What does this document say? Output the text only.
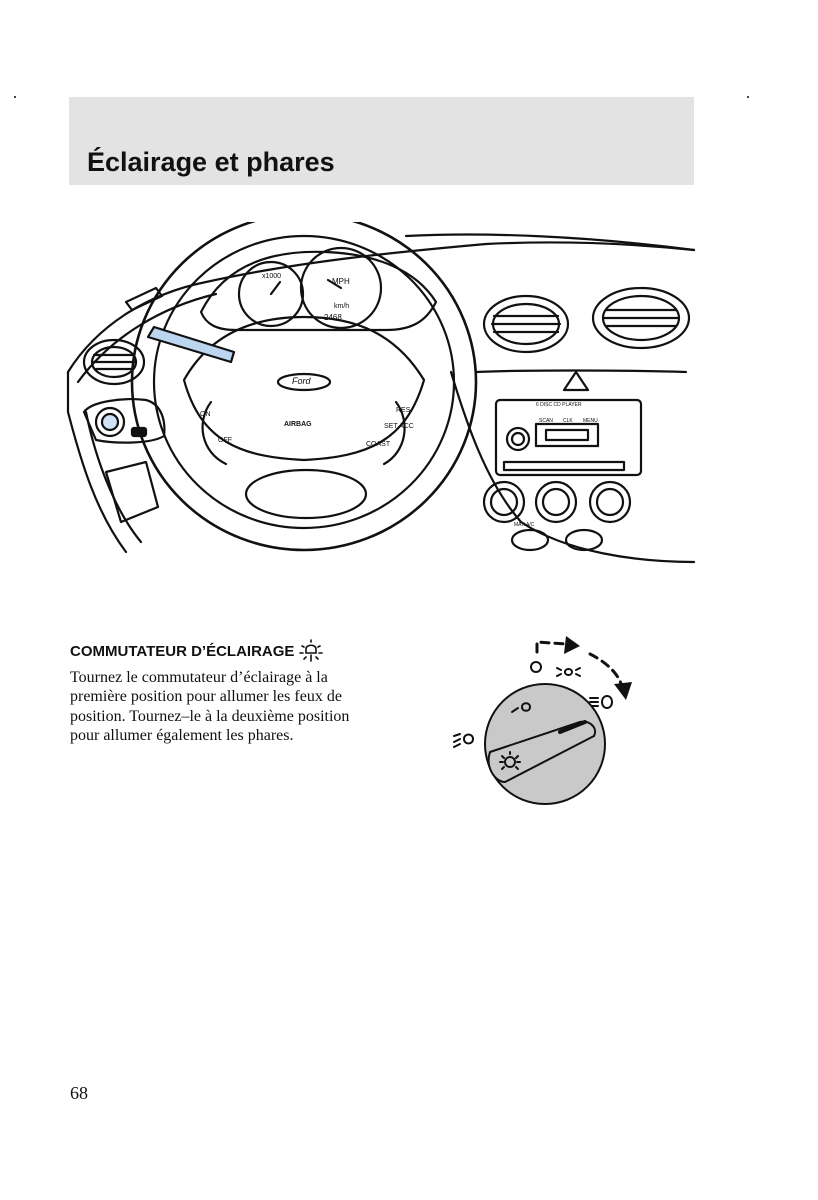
Éclairage et phares
x1000
MPH
km/h
2468
Ford
AIRBAG
ON
OFF
RES
SET ACC
COAST
6 DISC CD PLAYER
SCAN CLK MENU
MAX A/C
COMMUTATEUR D’ÉCLAIRAGE

Tournez le commutateur d’éclairage à la première position pour allumer les feux de position. Tournez–le à la deuxième position pour allumer également les phares.

68
